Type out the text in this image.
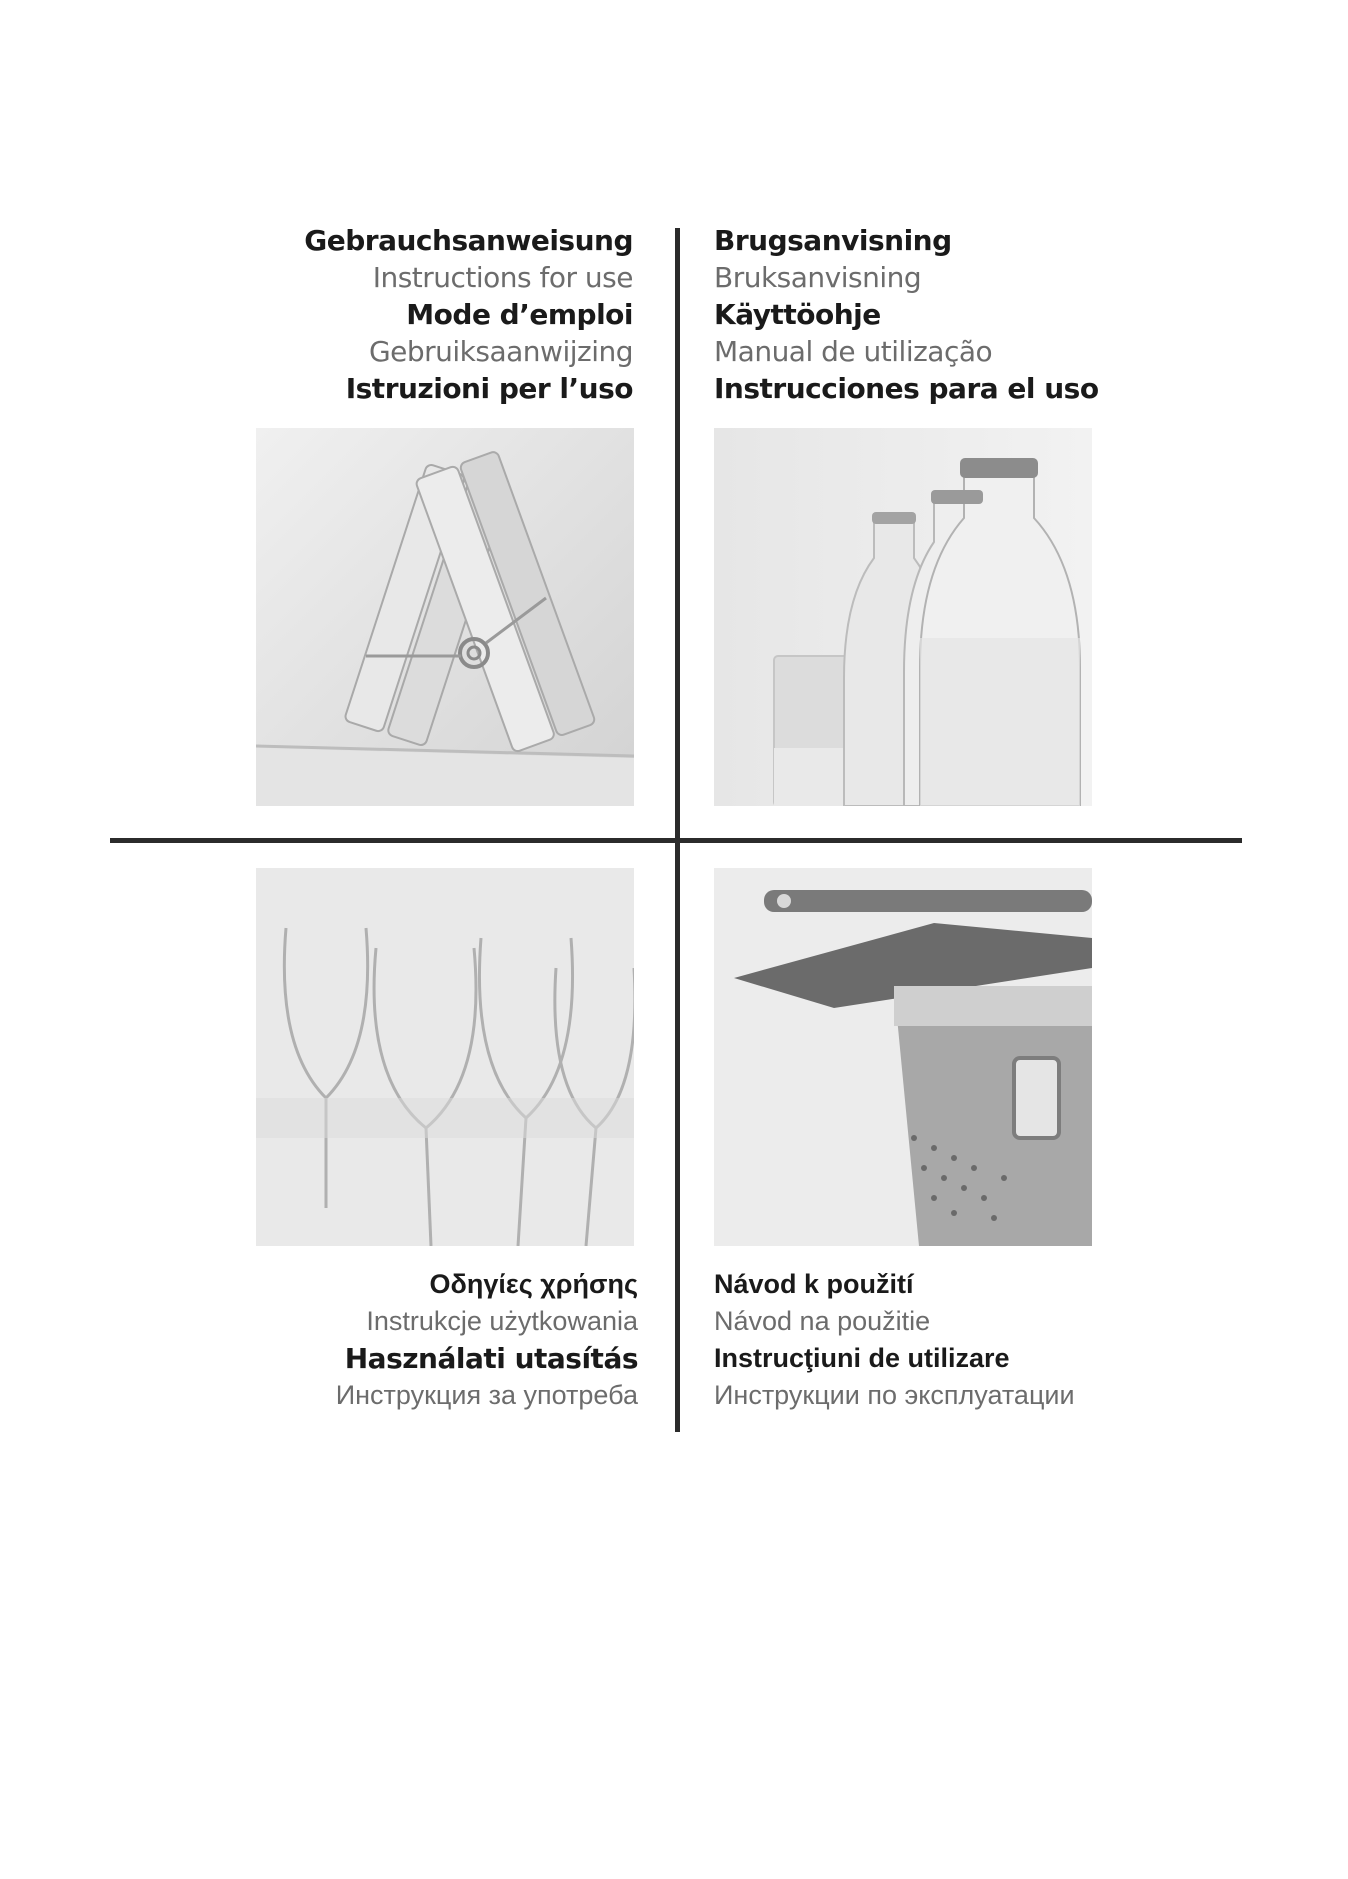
Gebrauchsanweisung
Instructions for use
Mode d’emploi
Gebruiksaanwijzing
Istruzioni per l’uso
Brugsanvisning
Bruksanvisning
Käyttöohje
Manual de utilização
Instrucciones para el uso
Οδηγίες χρήσης
Instrukcje użytkowania
Használati utasítás
Инструкция за употреба
Návod k použití
Návod na použitie
Instrucţiuni de utilizare
Инструкции по эксплуатации
